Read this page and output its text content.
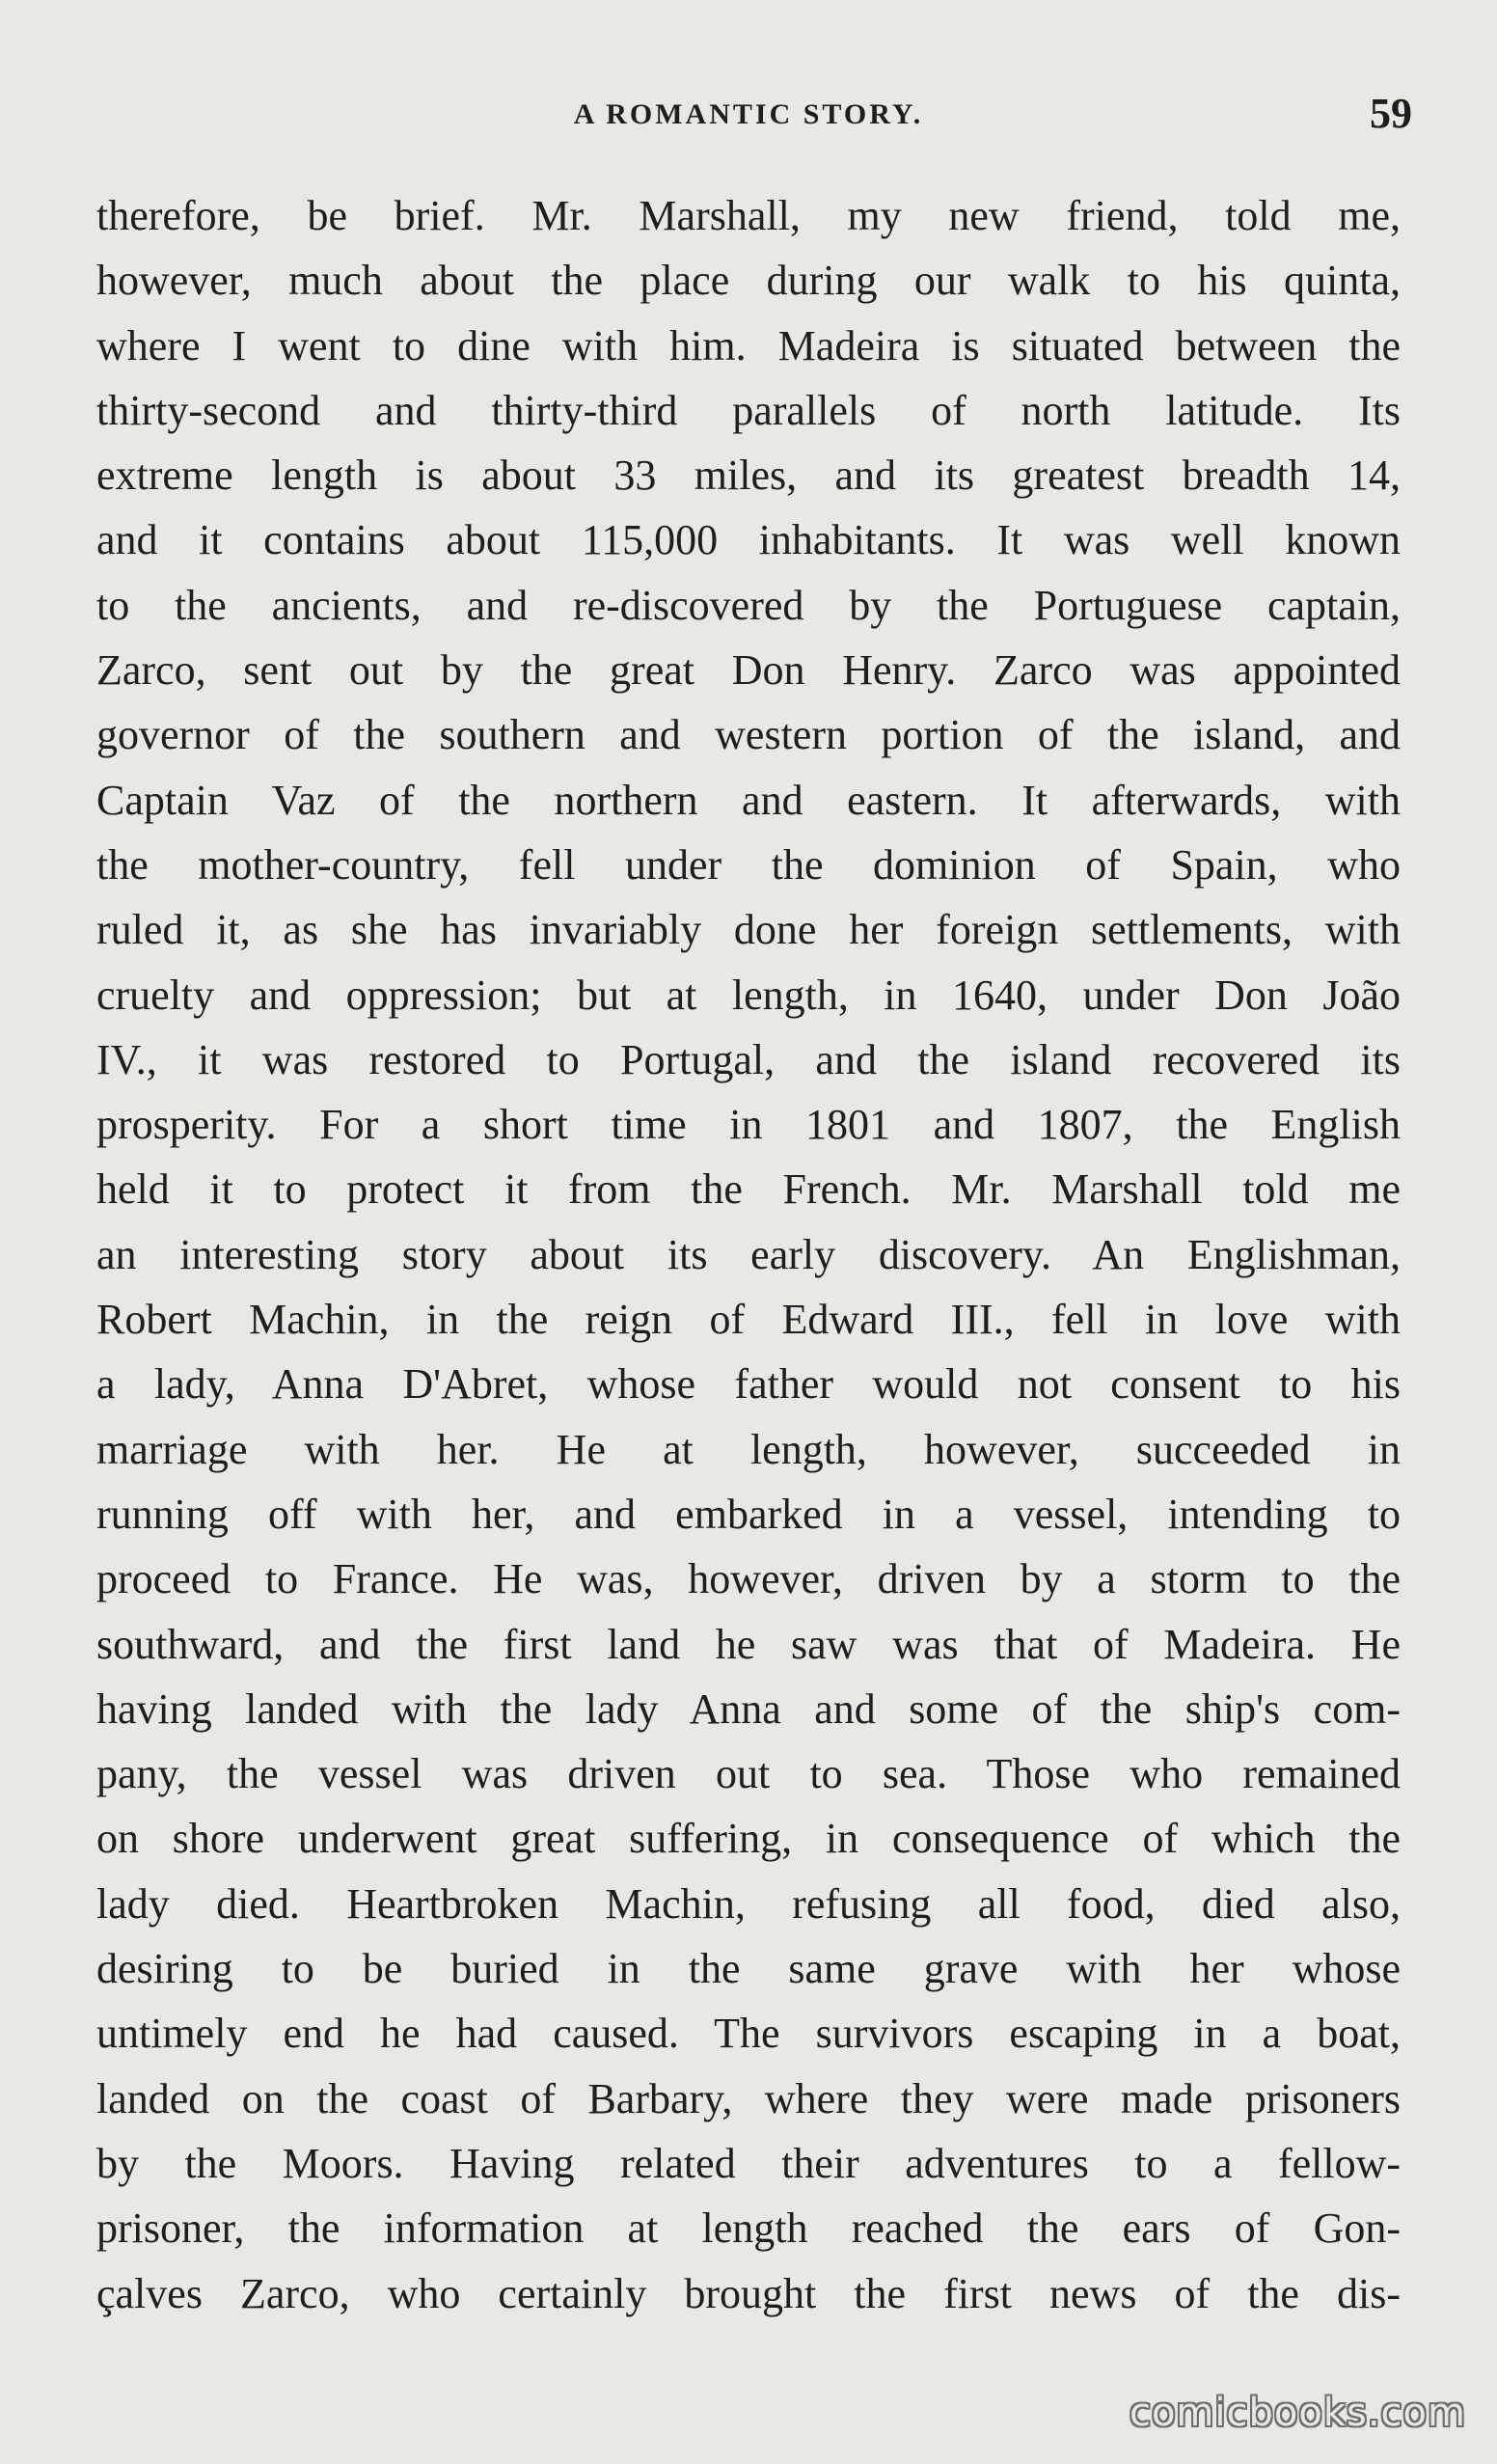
A ROMANTIC STORY.	59
therefore, be brief. Mr. Marshall, my new friend, told me,
however, much about the place during our walk to his quinta,
where I went to dine with him. Madeira is situated between the
thirty-second and thirty-third parallels of north latitude. Its
extreme length is about 33 miles, and its greatest breadth 14,
and it contains about 115,000 inhabitants. It was well known
to the ancients, and re-discovered by the Portuguese captain,
Zarco, sent out by the great Don Henry. Zarco was appointed
governor of the southern and western portion of the island, and
Captain Vaz of the northern and eastern. It afterwards, with
the mother-country, fell under the dominion of Spain, who
ruled it, as she has invariably done her foreign settlements, with
cruelty and oppression; but at length, in 1640, under Don João
IV., it was restored to Portugal, and the island recovered its
prosperity. For a short time in 1801 and 1807, the English
held it to protect it from the French. Mr. Marshall told me
an interesting story about its early discovery. An Englishman,
Robert Machin, in the reign of Edward III., fell in love with
a lady, Anna D'Abret, whose father would not consent to his
marriage with her. He at length, however, succeeded in
running off with her, and embarked in a vessel, intending to
proceed to France. He was, however, driven by a storm to the
southward, and the first land he saw was that of Madeira. He
having landed with the lady Anna and some of the ship's com-
pany, the vessel was driven out to sea. Those who remained
on shore underwent great suffering, in consequence of which the
lady died. Heartbroken Machin, refusing all food, died also,
desiring to be buried in the same grave with her whose
untimely end he had caused. The survivors escaping in a boat,
landed on the coast of Barbary, where they were made prisoners
by the Moors. Having related their adventures to a fellow-
prisoner, the information at length reached the ears of Gon-
çalves Zarco, who certainly brought the first news of the dis-
comicbooks.com
